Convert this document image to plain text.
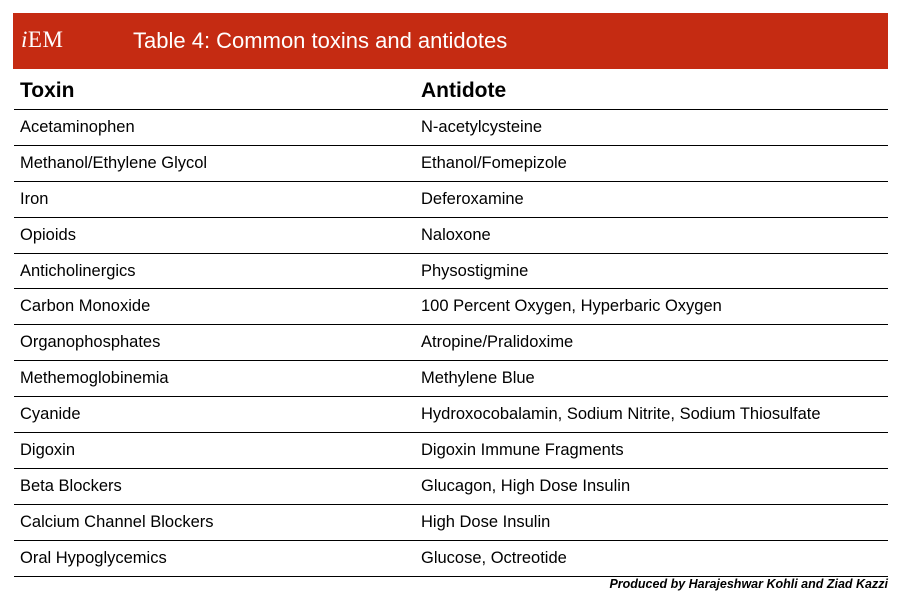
iEM	Table 4: Common toxins and antidotes
Toxin	Antidote
Acetaminophen	N-acetylcysteine
Methanol/Ethylene Glycol	Ethanol/Fomepizole
Iron	Deferoxamine
Opioids	Naloxone
Anticholinergics	Physostigmine
Carbon Monoxide	100 Percent Oxygen, Hyperbaric Oxygen
Organophosphates	Atropine/Pralidoxime
Methemoglobinemia	Methylene Blue
Cyanide	Hydroxocobalamin, Sodium Nitrite, Sodium Thiosulfate
Digoxin	Digoxin Immune Fragments
Beta Blockers	Glucagon, High Dose Insulin
Calcium Channel Blockers	High Dose Insulin
Oral Hypoglycemics	Glucose, Octreotide
Produced by Harajeshwar Kohli and Ziad Kazzi
